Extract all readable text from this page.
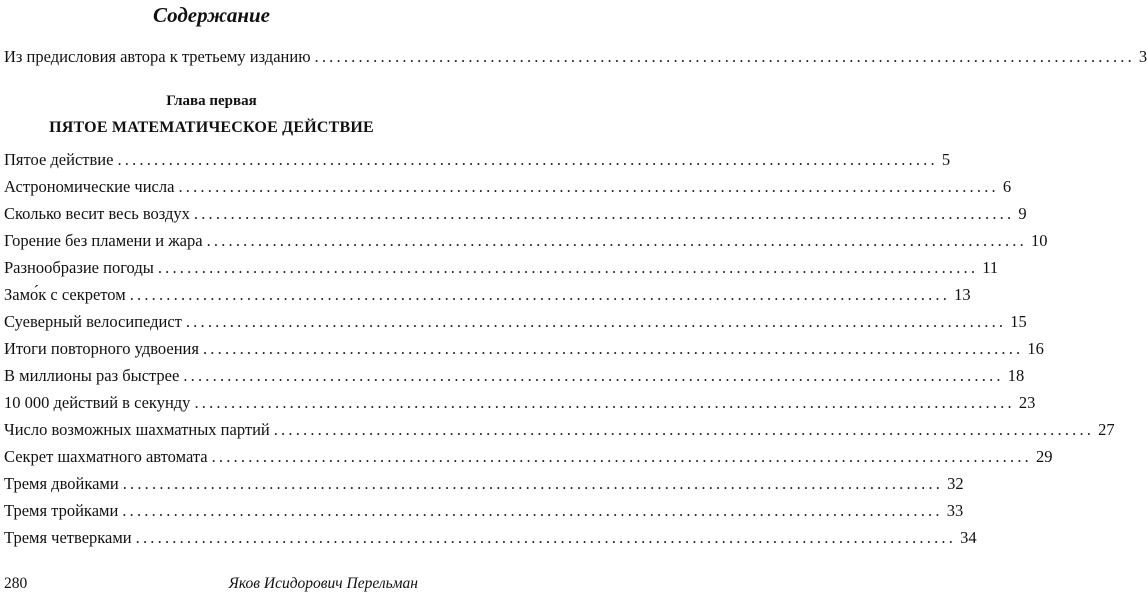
Содержание
Из предисловия автора к третьему изданию ................................................................................................................ 3
Глава первая
ПЯТОЕ МАТЕМАТИЧЕСКОЕ ДЕЙСТВИЕ
Пятое действие ................................................................................................................ 5
Астрономические числа ................................................................................................................ 6
Сколько весит весь воздух ................................................................................................................ 9
Горение без пламени и жара ................................................................................................................ 10
Разнообразие погоды ................................................................................................................ 11
Замо́к с секретом ................................................................................................................ 13
Суеверный велосипедист ................................................................................................................ 15
Итоги повторного удвоения ................................................................................................................ 16
В миллионы раз быстрее ................................................................................................................ 18
10 000 действий в секунду ................................................................................................................ 23
Число возможных шахматных партий ................................................................................................................ 27
Секрет шахматного автомата ................................................................................................................ 29
Тремя двойками ................................................................................................................ 32
Тремя тройками ................................................................................................................ 33
Тремя четверками ................................................................................................................ 34
280	Яков Исидорович Перельман
